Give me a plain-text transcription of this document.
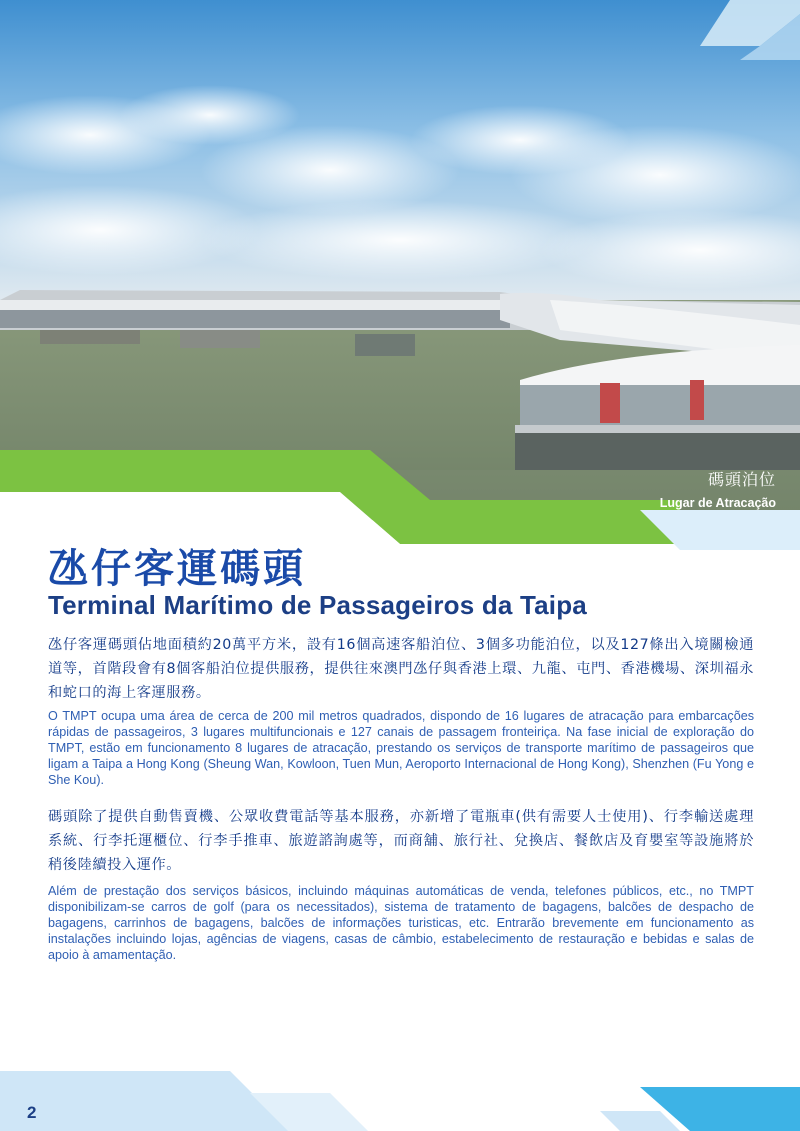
碼頭泊位
Lugar de Atracação
氹仔客運碼頭
Terminal Marítimo de Passageiros da Taipa
氹仔客運碼頭佔地面積約20萬平方米，設有16個高速客船泊位、3個多功能泊位，以及127條出入境關檢通道等，首階段會有8個客船泊位提供服務，提供往來澳門氹仔與香港上環、九龍、屯門、香港機場、深圳福永和蛇口的海上客運服務。
O TMPT ocupa uma área de cerca de 200 mil metros quadrados, dispondo de 16 lugares de atracação para embarcações rápidas de passageiros, 3 lugares multifuncionais e 127 canais de passagem fronteiriça. Na fase inicial de exploração do TMPT, estão em funcionamento 8 lugares de atracação, prestando os serviços de transporte marítimo de passageiros que ligam a Taipa a Hong Kong (Sheung Wan, Kowloon, Tuen Mun, Aeroporto Internacional de Hong Kong), Shenzhen (Fu Yong e She Kou).
碼頭除了提供自動售賣機、公眾收費電話等基本服務，亦新增了電瓶車(供有需要人士使用)、行李輸送處理系統、行李托運櫃位、行李手推車、旅遊諮詢處等，而商舖、旅行社、兌換店、餐飲店及育嬰室等設施將於稍後陸續投入運作。
Além de prestação dos serviços básicos, incluindo máquinas automáticas de venda, telefones públicos, etc., no TMPT disponibilizam-se carros de golf (para os necessitados), sistema de tratamento de bagagens, balcões de despacho de bagagens, carrinhos de bagagens, balcões de informações turisticas, etc. Entrarão brevemente em funcionamento as instalações incluindo lojas, agências de viagens, casas de câmbio, estabelecimento de restauração e bebidas e salas de apoio à amamentação.
2
